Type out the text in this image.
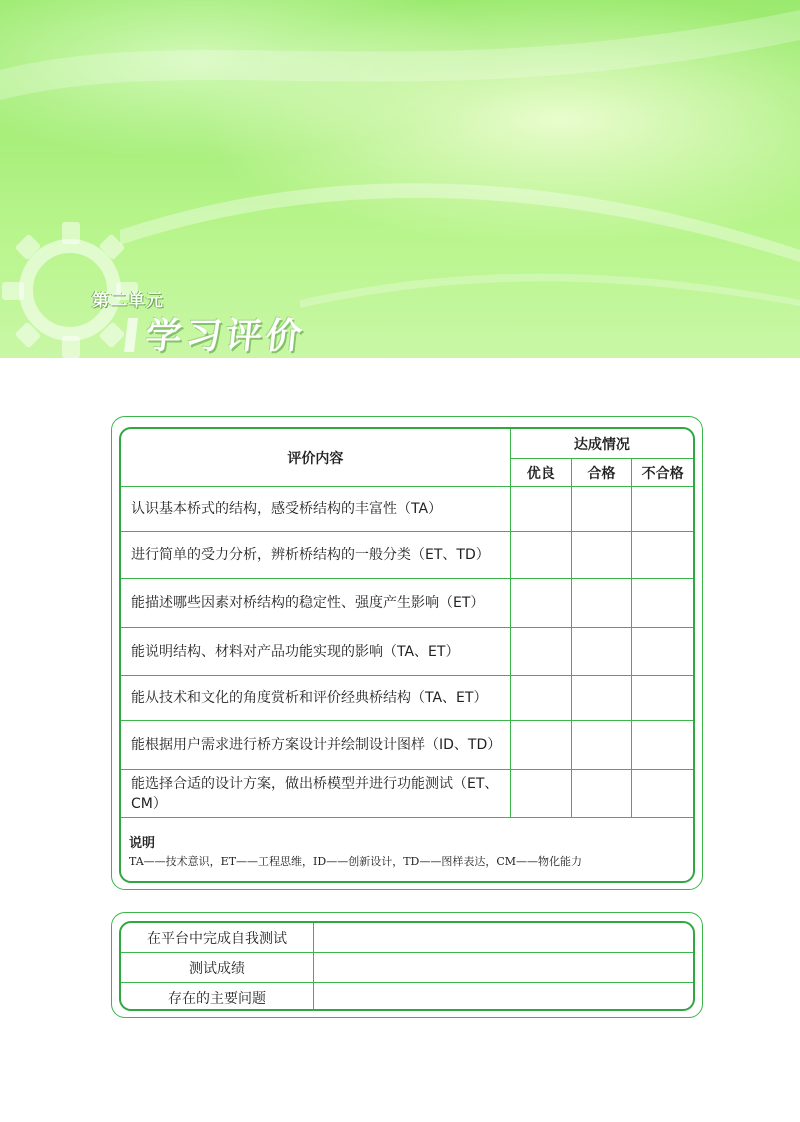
第二单元
学习评价
评价内容	达成情况		
	优良	合格	不合格
认识基本桥式的结构，感受桥结构的丰富性（TA）			
进行简单的受力分析，辨析桥结构的一般分类（ET、TD）			
能描述哪些因素对桥结构的稳定性、强度产生影响（ET）			
能说明结构、材料对产品功能实现的影响（TA、ET）			
能从技术和文化的角度赏析和评价经典桥结构（TA、ET）			
能根据用户需求进行桥方案设计并绘制设计图样（ID、TD）			
能选择合适的设计方案，做出桥模型并进行功能测试（ET、CM）			

说明
TA——技术意识，ET——工程思维，ID——创新设计，TD——图样表达，CM——物化能力			
在平台中完成自我测试	
测试成绩	
存在的主要问题	
